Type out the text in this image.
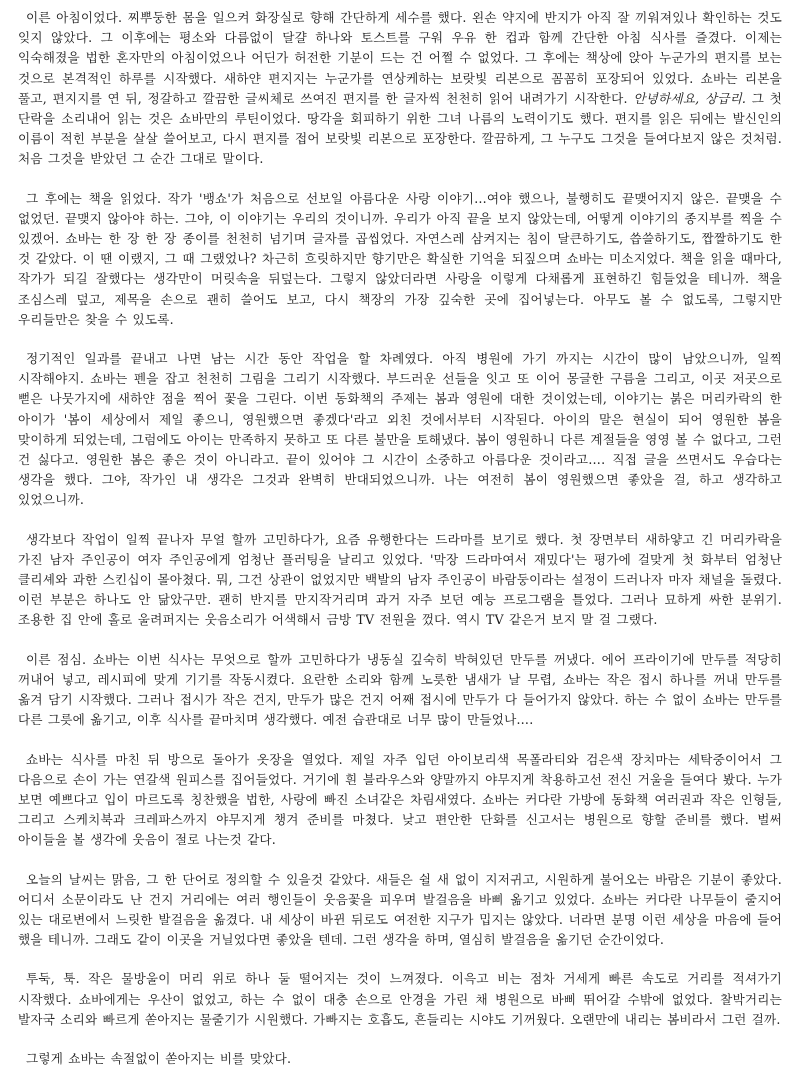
이른 아침이었다. 찌뿌둥한 몸을 일으켜 화장실로 향해 간단하게 세수를 했다. 왼손 약지에 반지가 아직 잘 끼워져있나 확인하는 것도 잊지 않았다. 그 이후에는 평소와 다름없이 달걀 하나와 토스트를 구워 우유 한 컵과 함께 간단한 아침 식사를 즐겼다. 이제는 익숙해졌을 법한 혼자만의 아침이었으나 어딘가 허전한 기분이 드는 건 어쩔 수 없었다. 그 후에는 책상에 앉아 누군가의 편지를 보는 것으로 본격적인 하루를 시작했다. 새하얀 편지지는 누군가를 연상케하는 보랏빛 리본으로 꼼꼼히 포장되어 있었다. 쇼바는 리본을 풀고, 편지지를 연 뒤, 정갈하고 깔끔한 글씨체로 쓰여진 편지를 한 글자씩 천천히 읽어 내려가기 시작한다. 안녕하세요, 상급리. 그 첫 단락을 소리내어 읽는 것은 쇼바만의 루틴이었다. 땅각을 회피하기 위한 그녀 나름의 노력이기도 했다. 편지를 읽은 뒤에는 발신인의 이름이 적힌 부분을 살살 쓸어보고, 다시 편지를 접어 보랏빛 리본으로 포장한다. 깔끔하게, 그 누구도 그것을 들여다보지 않은 것처럼. 처음 그것을 받았던 그 순간 그대로 말이다.

그 후에는 책을 읽었다. 작가 '뱅쇼'가 처음으로 선보일 아름다운 사랑 이야기…여야 했으나, 불행히도 끝맺어지지 않은. 끝맺을 수 없었던. 끝맺지 않아야 하는. 그야, 이 이야기는 우리의 것이니까. 우리가 아직 끝을 보지 않았는데, 어떻게 이야기의 종지부를 찍을 수 있겠어. 쇼바는 한 장 한 장 종이를 천천히 넘기며 글자를 곱씹었다. 자연스레 삼켜지는 침이 달큰하기도, 씁쓸하기도, 짭짤하기도 한 것 같았다. 이 땐 이랬지, 그 때 그랬었나? 차근히 흐릿하지만 향기만은 확실한 기억을 되짚으며 쇼바는 미소지었다. 책을 읽을 때마다, 작가가 되길 잘했다는 생각만이 머릿속을 뒤덮는다. 그렇지 않았더라면 사랑을 이렇게 다채롭게 표현하긴 힘들었을 테니까. 책을 조심스레 덮고, 제목을 손으로 괜히 쓸어도 보고, 다시 책장의 가장 깊숙한 곳에 집어넣는다. 아무도 볼 수 없도록, 그렇지만 우리들만은 찾을 수 있도록.

정기적인 일과를 끝내고 나면 남는 시간 동안 작업을 할 차례였다. 아직 병원에 가기 까지는 시간이 많이 남았으니까, 일찍 시작해야지. 쇼바는 펜을 잡고 천천히 그림을 그리기 시작했다. 부드러운 선들을 잇고 또 이어 몽글한 구름을 그리고, 이곳 저곳으로 뻗은 나뭇가지에 새하얀 점을 찍어 꽃을 그린다. 이번 동화책의 주제는 봄과 영원에 대한 것이었는데, 이야기는 붉은 머리카락의 한 아이가 '봄이 세상에서 제일 좋으니, 영원했으면 좋겠다'라고 외친 것에서부터 시작된다. 아이의 말은 현실이 되어 영원한 봄을 맞이하게 되었는데, 그럼에도 아이는 만족하지 못하고 또 다른 불만을 토해냈다. 봄이 영원하니 다른 계절들을 영영 볼 수 없다고, 그런 건 싫다고. 영원한 봄은 좋은 것이 아니라고. 끝이 있어야 그 시간이 소중하고 아름다운 것이라고…. 직접 글을 쓰면서도 우습다는 생각을 했다. 그야, 작가인 내 생각은 그것과 완벽히 반대되었으니까. 나는 여전히 봄이 영원했으면 좋았을 걸, 하고 생각하고 있었으니까.

생각보다 작업이 일찍 끝나자 무얼 할까 고민하다가, 요즘 유행한다는 드라마를 보기로 했다. 첫 장면부터 새하얗고 긴 머리카락을 가진 남자 주인공이 여자 주인공에게 엄청난 플러팅을 날리고 있었다. '막장 드라마여서 재밌다'는 평가에 걸맞게 첫 화부터 엄청난 클리셰와 과한 스킨십이 몰아쳤다. 뭐, 그건 상관이 없었지만 백발의 남자 주인공이 바람둥이라는 설정이 드러나자 마자 채널을 돌렸다. 이런 부분은 하나도 안 닮았구만. 괜히 반지를 만지작거리며 과거 자주 보던 예능 프로그램을 틀었다. 그러나 묘하게 싸한 분위기. 조용한 집 안에 홀로 울려퍼지는 웃음소리가 어색해서 금방 TV 전원을 껐다. 역시 TV 같은거 보지 말 걸 그랬다.

이른 점심. 쇼바는 이번 식사는 무엇으로 할까 고민하다가 냉동실 깊숙히 박혀있던 만두를 꺼냈다. 에어 프라이기에 만두를 적당히 꺼내어 넣고, 레시피에 맞게 기기를 작동시켰다. 요란한 소리와 함께 노릇한 냄새가 날 무렵, 쇼바는 작은 접시 하나를 꺼내 만두를 옮겨 담기 시작했다. 그러나 접시가 작은 건지, 만두가 많은 건지 어째 접시에 만두가 다 들어가지 않았다. 하는 수 없이 쇼바는 만두를 다른 그릇에 옮기고, 이후 식사를 끝마치며 생각했다. 예전 습관대로 너무 많이 만들었나….

쇼바는 식사를 마친 뒤 방으로 돌아가 옷장을 열었다. 제일 자주 입던 아이보리색 목폴라티와 검은색 장치마는 세탁중이어서 그 다음으로 손이 가는 연갈색 원피스를 집어들었다. 거기에 흰 블라우스와 양말까지 야무지게 착용하고선 전신 거울을 들여다 봤다. 누가 보면 예쁘다고 입이 마르도록 칭찬했을 법한, 사랑에 빠진 소녀같은 차림새였다. 쇼바는 커다란 가방에 동화책 여러권과 작은 인형들, 그리고 스케치북과 크레파스까지 야무지게 챙겨 준비를 마쳤다. 낮고 편안한 단화를 신고서는 병원으로 향할 준비를 했다. 벌써 아이들을 볼 생각에 웃음이 절로 나는것 같다.

오늘의 날씨는 맑음, 그 한 단어로 정의할 수 있을것 같았다. 새들은 쉴 새 없이 지저귀고, 시원하게 불어오는 바람은 기분이 좋았다. 어디서 소문이라도 난 건지 거리에는 여러 행인들이 웃음꽃을 피우며 발걸음을 바삐 옮기고 있었다. 쇼바는 커다란 나무들이 줄지어 있는 대로변에서 느릿한 발걸음을 옮겼다. 내 세상이 바뀐 뒤로도 여전한 지구가 밉지는 않았다. 너라면 분명 이런 세상을 마음에 들어 했을 테니까. 그래도 같이 이곳을 거닐었다면 좋았을 텐데. 그런 생각을 하며, 열심히 발걸음을 옮기던 순간이었다.

투둑, 툭. 작은 물방울이 머리 위로 하나 둘 떨어지는 것이 느껴졌다. 이윽고 비는 점차 거세게 빠른 속도로 거리를 적셔가기 시작했다. 쇼바에게는 우산이 없었고, 하는 수 없이 대충 손으로 안경을 가린 채 병원으로 바삐 뛰어갈 수밖에 없었다. 찰박거리는 발자국 소리와 빠르게 쏟아지는 물줄기가 시원했다. 가빠지는 호흡도, 흔들리는 시야도 기꺼웠다. 오랜만에 내리는 봄비라서 그런 걸까.

그렇게 쇼바는 속절없이 쏟아지는 비를 맞았다.
